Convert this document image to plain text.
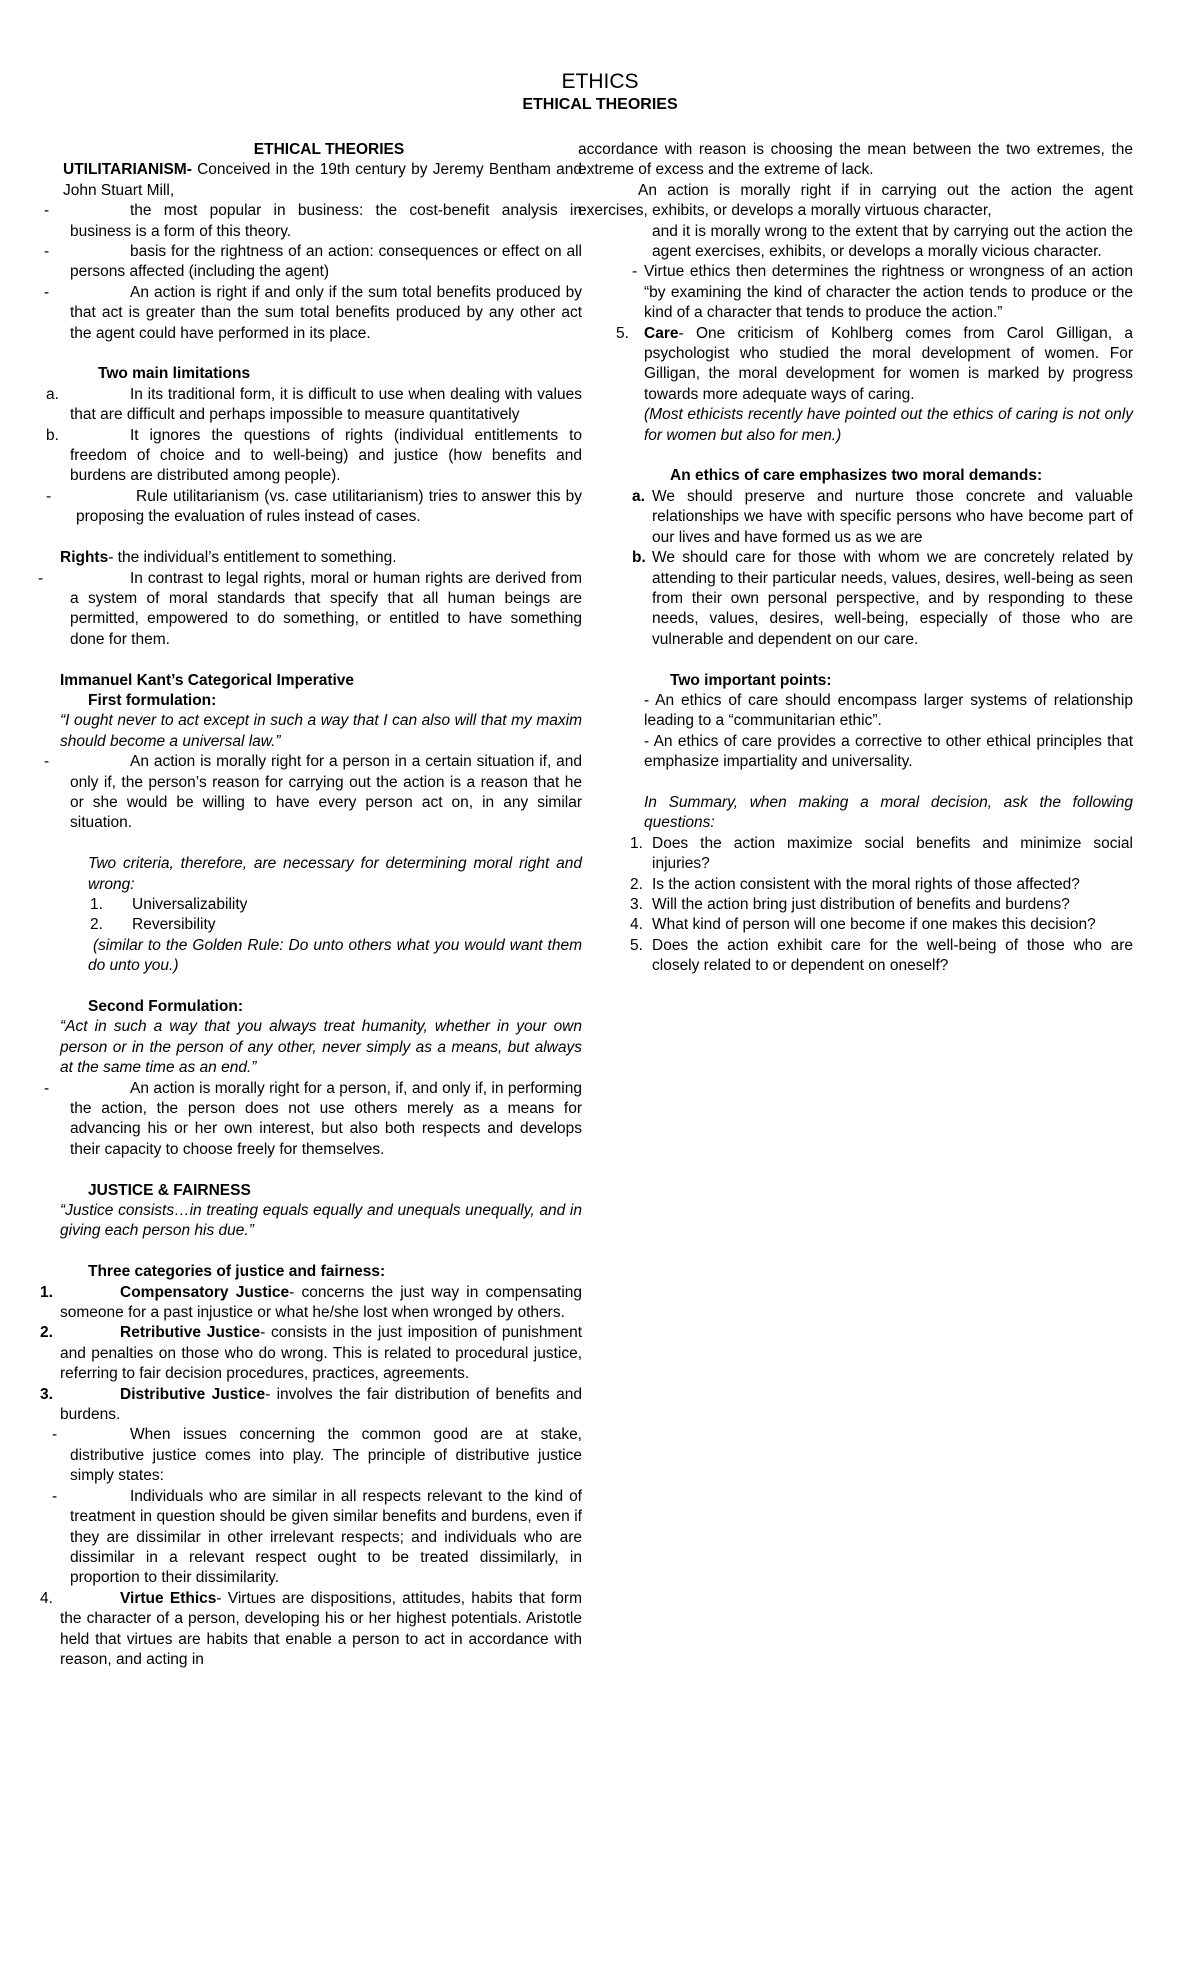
ETHICS
ETHICAL THEORIES

ETHICAL THEORIES

UTILITARIANISM- Conceived in the 19th century by Jeremy Bentham and John Stuart Mill,

-	the most popular in business: the cost-benefit analysis in business is a form of this theory.

-	basis for the rightness of an action: consequences or effect on all persons affected (including the agent)

-	An action is right if and only if the sum total benefits produced by that act is greater than the sum total benefits produced by any other act the agent could have performed in its place.

Two main limitations

a.	In its traditional form, it is difficult to use when dealing with values that are difficult and perhaps impossible to measure quantitatively

b.	It ignores the questions of rights (individual entitlements to freedom of choice and to well-being) and justice (how benefits and burdens are distributed among people).

-	Rule utilitarianism (vs. case utilitarianism) tries to answer this by proposing the evaluation of rules instead of cases.

Rights- the individual’s entitlement to something.

-	In contrast to legal rights, moral or human rights are derived from a system of moral standards that specify that all human beings are permitted, empowered to do something, or entitled to have something done for them.

Immanuel Kant’s Categorical Imperative

First formulation:

“I ought never to act except in such a way that I can also will that my maxim should become a universal law.”

-	An action is morally right for a person in a certain situation if, and only if, the person’s reason for carrying out the action is a reason that he or she would be willing to have every person act on, in any similar situation.

Two criteria, therefore, are necessary for determining moral right and wrong:

1. Universalizability

2. Reversibility

(similar to the Golden Rule: Do unto others what you would want them do unto you.)

Second Formulation:

“Act in such a way that you always treat humanity, whether in your own person or in the person of any other, never simply as a means, but always at the same time as an end.”

-	An action is morally right for a person, if, and only if, in performing the action, the person does not use others merely as a means for advancing his or her own interest, but also both respects and develops their capacity to choose freely for themselves.

JUSTICE & FAIRNESS

“Justice consists…in treating equals equally and unequals unequally, and in giving each person his due.”

Three categories of justice and fairness:

1.	Compensatory Justice- concerns the just way in compensating someone for a past injustice or what he/she lost when wronged by others.

2.	Retributive Justice- consists in the just imposition of punishment and penalties on those who do wrong. This is related to procedural justice, referring to fair decision procedures, practices, agreements.

3.	Distributive Justice- involves the fair distribution of benefits and burdens.

-	When issues concerning the common good are at stake, distributive justice comes into play. The principle of distributive justice simply states:

-	Individuals who are similar in all respects relevant to the kind of treatment in question should be given similar benefits and burdens, even if they are dissimilar in other irrelevant respects; and individuals who are dissimilar in a relevant respect ought to be treated dissimilarly, in proportion to their dissimilarity.

4.	Virtue Ethics- Virtues are dispositions, attitudes, habits that form the character of a person, developing his or her highest potentials. Aristotle held that virtues are habits that enable a person to act in accordance with reason, and acting in

accordance with reason is choosing the mean between the two extremes, the extreme of excess and the extreme of lack.

An action is morally right if in carrying out the action the agent exercises, exhibits, or develops a morally virtuous character,

and it is morally wrong to the extent that by carrying out the action the agent exercises, exhibits, or develops a morally vicious character.

- Virtue ethics then determines the rightness or wrongness of an action “by examining the kind of character the action tends to produce or the kind of a character that tends to produce the action.”

5. Care- One criticism of Kohlberg comes from Carol Gilligan, a psychologist who studied the moral development of women. For Gilligan, the moral development for women is marked by progress towards more adequate ways of caring.

(Most ethicists recently have pointed out the ethics of caring is not only for women but also for men.)

An ethics of care emphasizes two moral demands:

a. We should preserve and nurture those concrete and valuable relationships we have with specific persons who have become part of our lives and have formed us as we are

b. We should care for those with whom we are concretely related by attending to their particular needs, values, desires, well-being as seen from their own personal perspective, and by responding to these needs, values, desires, well-being, especially of those who are vulnerable and dependent on our care.

Two important points:

- An ethics of care should encompass larger systems of relationship leading to a “communitarian ethic”.

- An ethics of care provides a corrective to other ethical principles that emphasize impartiality and universality.

In Summary, when making a moral decision, ask the following questions:

1. Does the action maximize social benefits and minimize social injuries?

2. Is the action consistent with the moral rights of those affected?

3. Will the action bring just distribution of benefits and burdens?

4. What kind of person will one become if one makes this decision?

5. Does the action exhibit care for the well-being of those who are closely related to or dependent on oneself?
